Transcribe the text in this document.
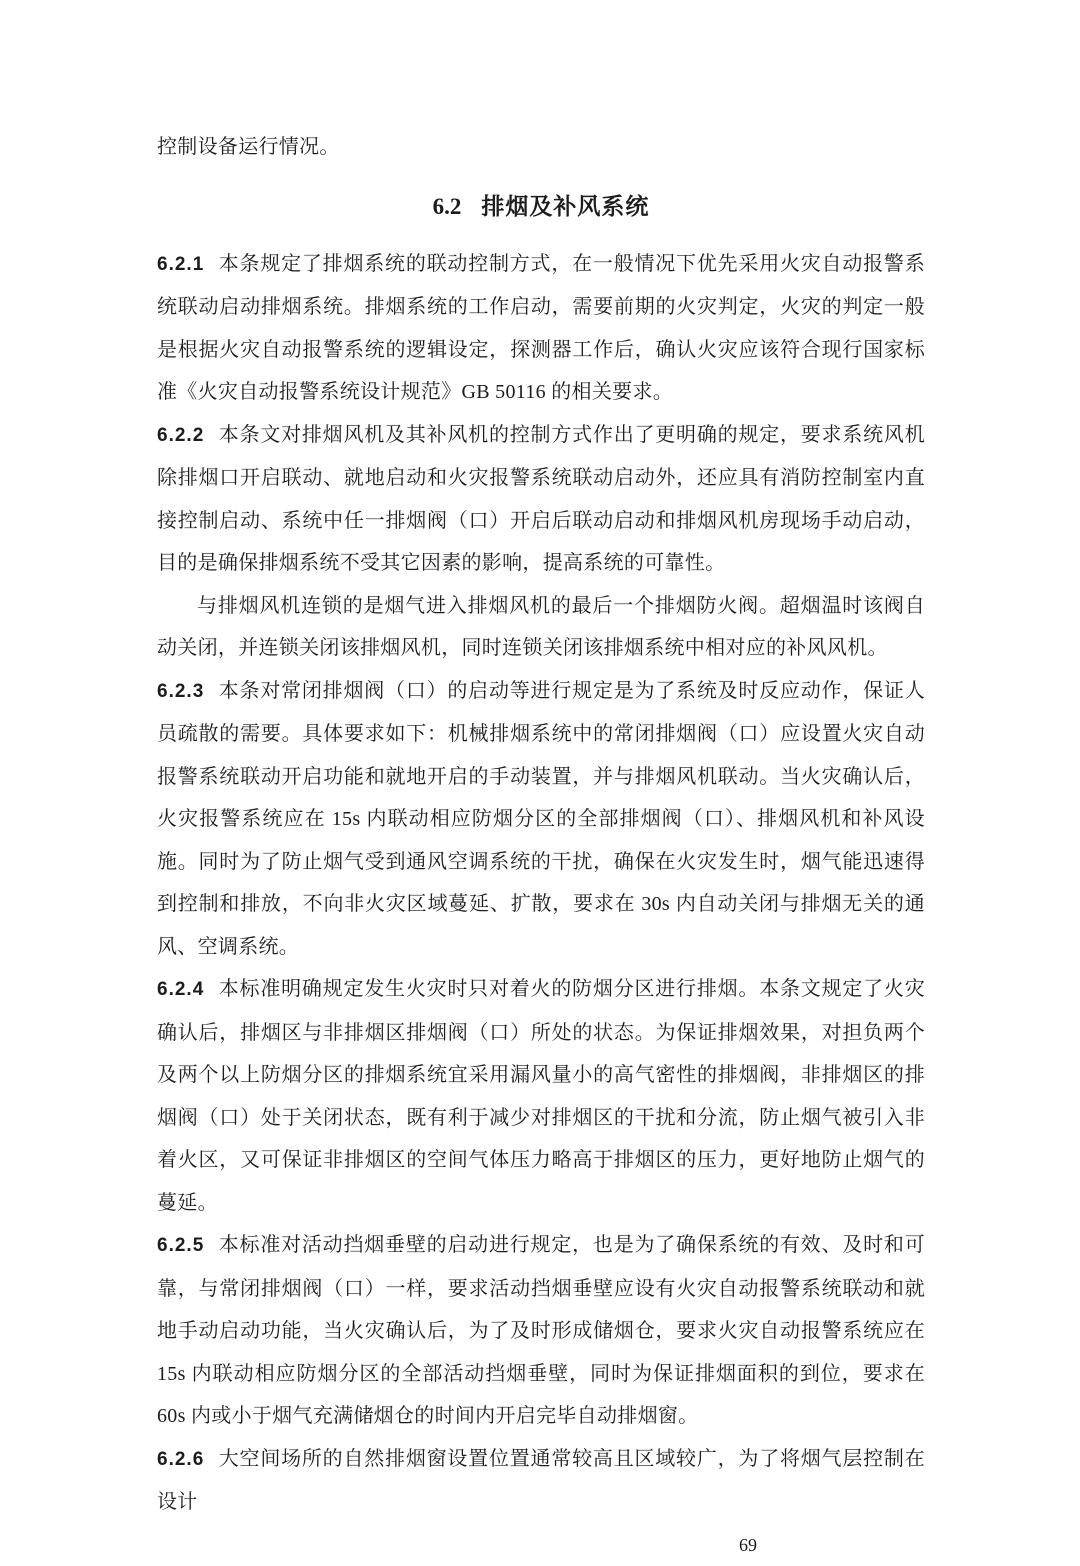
控制设备运行情况。

6.2 排烟及补风系统

6.2.1 本条规定了排烟系统的联动控制方式，在一般情况下优先采用火灾自动报警系统联动启动排烟系统。排烟系统的工作启动，需要前期的火灾判定，火灾的判定一般是根据火灾自动报警系统的逻辑设定，探测器工作后，确认火灾应该符合现行国家标准《火灾自动报警系统设计规范》GB 50116 的相关要求。

6.2.2 本条文对排烟风机及其补风机的控制方式作出了更明确的规定，要求系统风机除排烟口开启联动、就地启动和火灾报警系统联动启动外，还应具有消防控制室内直接控制启动、系统中任一排烟阀（口）开启后联动启动和排烟风机房现场手动启动，目的是确保排烟系统不受其它因素的影响，提高系统的可靠性。

与排烟风机连锁的是烟气进入排烟风机的最后一个排烟防火阀。超烟温时该阀自动关闭，并连锁关闭该排烟风机，同时连锁关闭该排烟系统中相对应的补风风机。

6.2.3 本条对常闭排烟阀（口）的启动等进行规定是为了系统及时反应动作，保证人员疏散的需要。具体要求如下：机械排烟系统中的常闭排烟阀（口）应设置火灾自动报警系统联动开启功能和就地开启的手动装置，并与排烟风机联动。当火灾确认后，火灾报警系统应在 15s 内联动相应防烟分区的全部排烟阀（口）、排烟风机和补风设施。同时为了防止烟气受到通风空调系统的干扰，确保在火灾发生时，烟气能迅速得到控制和排放，不向非火灾区域蔓延、扩散，要求在 30s 内自动关闭与排烟无关的通风、空调系统。

6.2.4 本标准明确规定发生火灾时只对着火的防烟分区进行排烟。本条文规定了火灾确认后，排烟区与非排烟区排烟阀（口）所处的状态。为保证排烟效果，对担负两个及两个以上防烟分区的排烟系统宜采用漏风量小的高气密性的排烟阀，非排烟区的排烟阀（口）处于关闭状态，既有利于减少对排烟区的干扰和分流，防止烟气被引入非着火区，又可保证非排烟区的空间气体压力略高于排烟区的压力，更好地防止烟气的蔓延。

6.2.5 本标准对活动挡烟垂壁的启动进行规定，也是为了确保系统的有效、及时和可靠，与常闭排烟阀（口）一样，要求活动挡烟垂壁应设有火灾自动报警系统联动和就地手动启动功能，当火灾确认后，为了及时形成储烟仓，要求火灾自动报警系统应在 15s 内联动相应防烟分区的全部活动挡烟垂壁，同时为保证排烟面积的到位，要求在 60s 内或小于烟气充满储烟仓的时间内开启完毕自动排烟窗。

6.2.6 大空间场所的自然排烟窗设置位置通常较高且区域较广，为了将烟气层控制在设计

69
